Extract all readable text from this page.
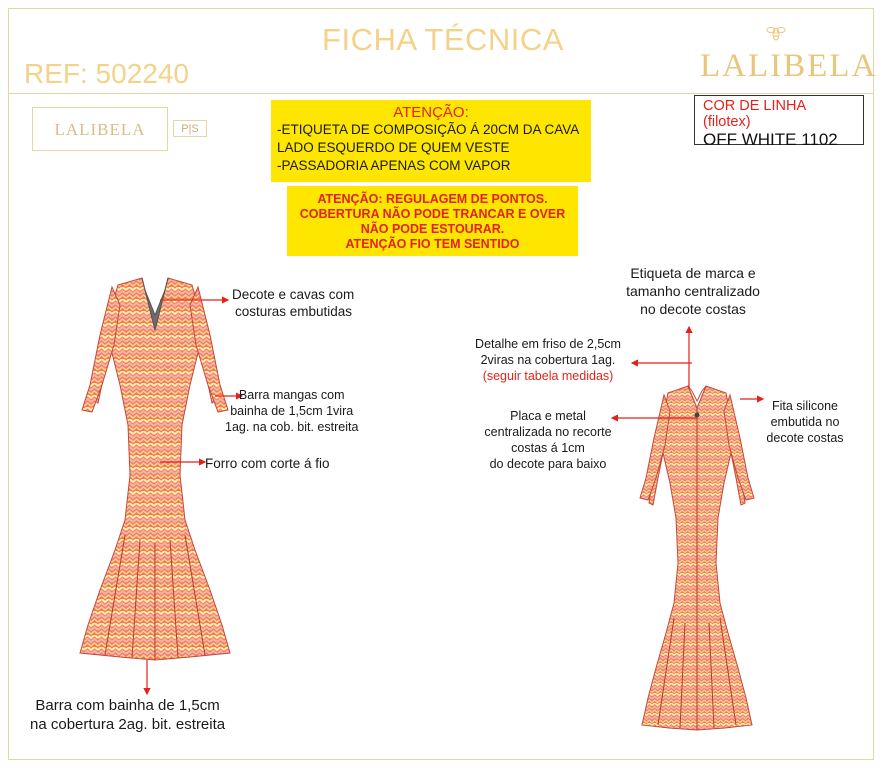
FICHA TÉCNICA
REF: 502240	LALIBELA
LALIBELA	P|S
ATENÇÃO:
-ETIQUETA DE COMPOSIÇÃO Á 20CM DA CAVA
LADO ESQUERDO DE QUEM VESTE
-PASSADORIA APENAS COM VAPOR
ATENÇÃO: REGULAGEM DE PONTOS.
COBERTURA NÃO PODE TRANCAR E OVER
NÃO PODE ESTOURAR.
ATENÇÃO FIO TEM SENTIDO
COR DE LINHA (filotex)
OFF WHITE 1102
Decote e cavas com
costuras embutidas
Barra mangas com
bainha de 1,5cm 1vira
1ag. na cob. bit. estreita
Forro com corte á fio
Barra com bainha de 1,5cm
na cobertura 2ag. bit. estreita
Etiqueta de marca e
tamanho centralizado
no decote costas
Detalhe em friso de 2,5cm
2viras na cobertura 1ag.
(seguir tabela medidas)
Placa e metal
centralizada no recorte
costas á 1cm
do decote para baixo
Fita silicone
embutida no
decote costas
